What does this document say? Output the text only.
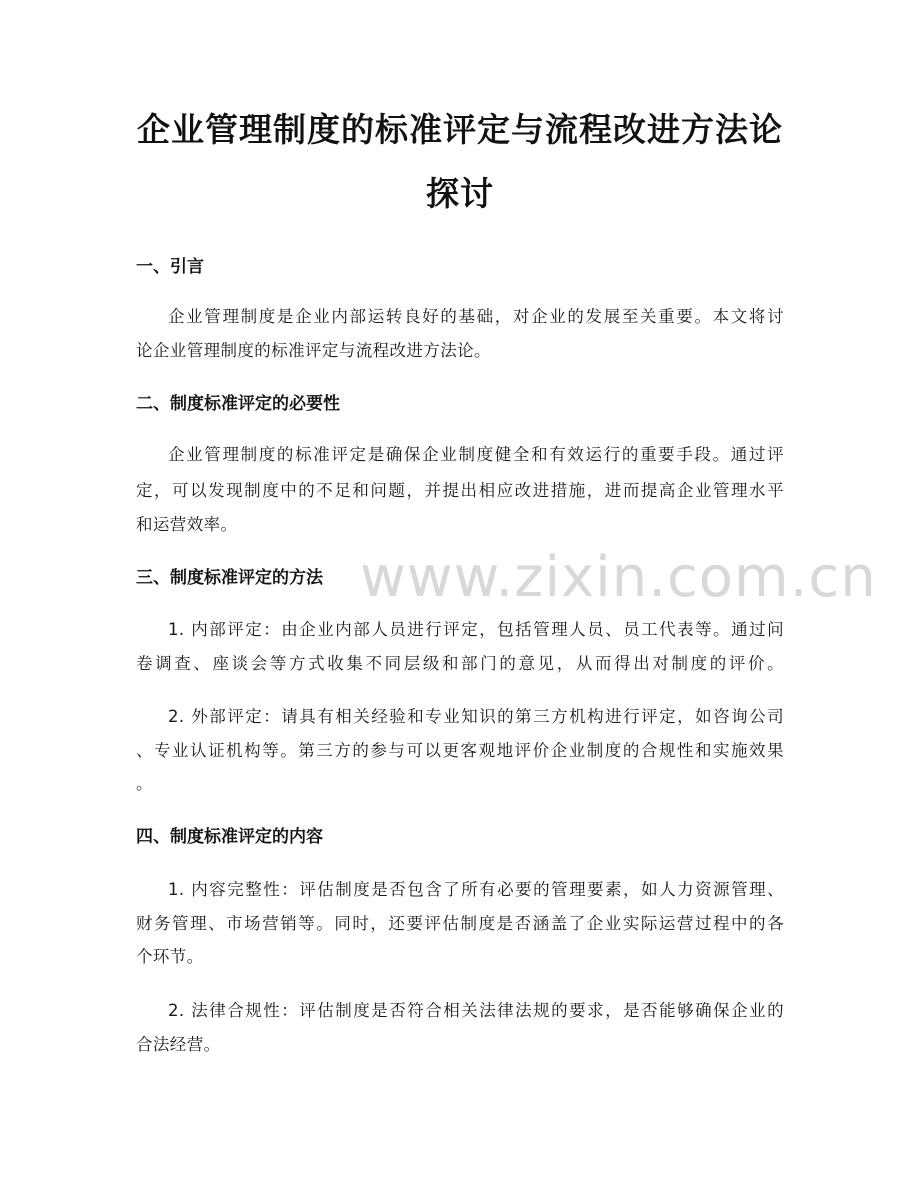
企业管理制度的标准评定与流程改进方法论
探讨
www.zixin.com.cn
一、引言
企业管理制度是企业内部运转良好的基础，对企业的发展至关重要。本文将讨
论企业管理制度的标准评定与流程改进方法论。
二、制度标准评定的必要性
企业管理制度的标准评定是确保企业制度健全和有效运行的重要手段。通过评
定，可以发现制度中的不足和问题，并提出相应改进措施，进而提高企业管理水平
和运营效率。
三、制度标准评定的方法
1. 内部评定：由企业内部人员进行评定，包括管理人员、员工代表等。通过问
卷调查、座谈会等方式收集不同层级和部门的意见，从而得出对制度的评价。
2. 外部评定：请具有相关经验和专业知识的第三方机构进行评定，如咨询公司
、专业认证机构等。第三方的参与可以更客观地评价企业制度的合规性和实施效果
。
四、制度标准评定的内容
1. 内容完整性：评估制度是否包含了所有必要的管理要素，如人力资源管理、
财务管理、市场营销等。同时，还要评估制度是否涵盖了企业实际运营过程中的各
个环节。
2. 法律合规性：评估制度是否符合相关法律法规的要求，是否能够确保企业的
合法经营。
